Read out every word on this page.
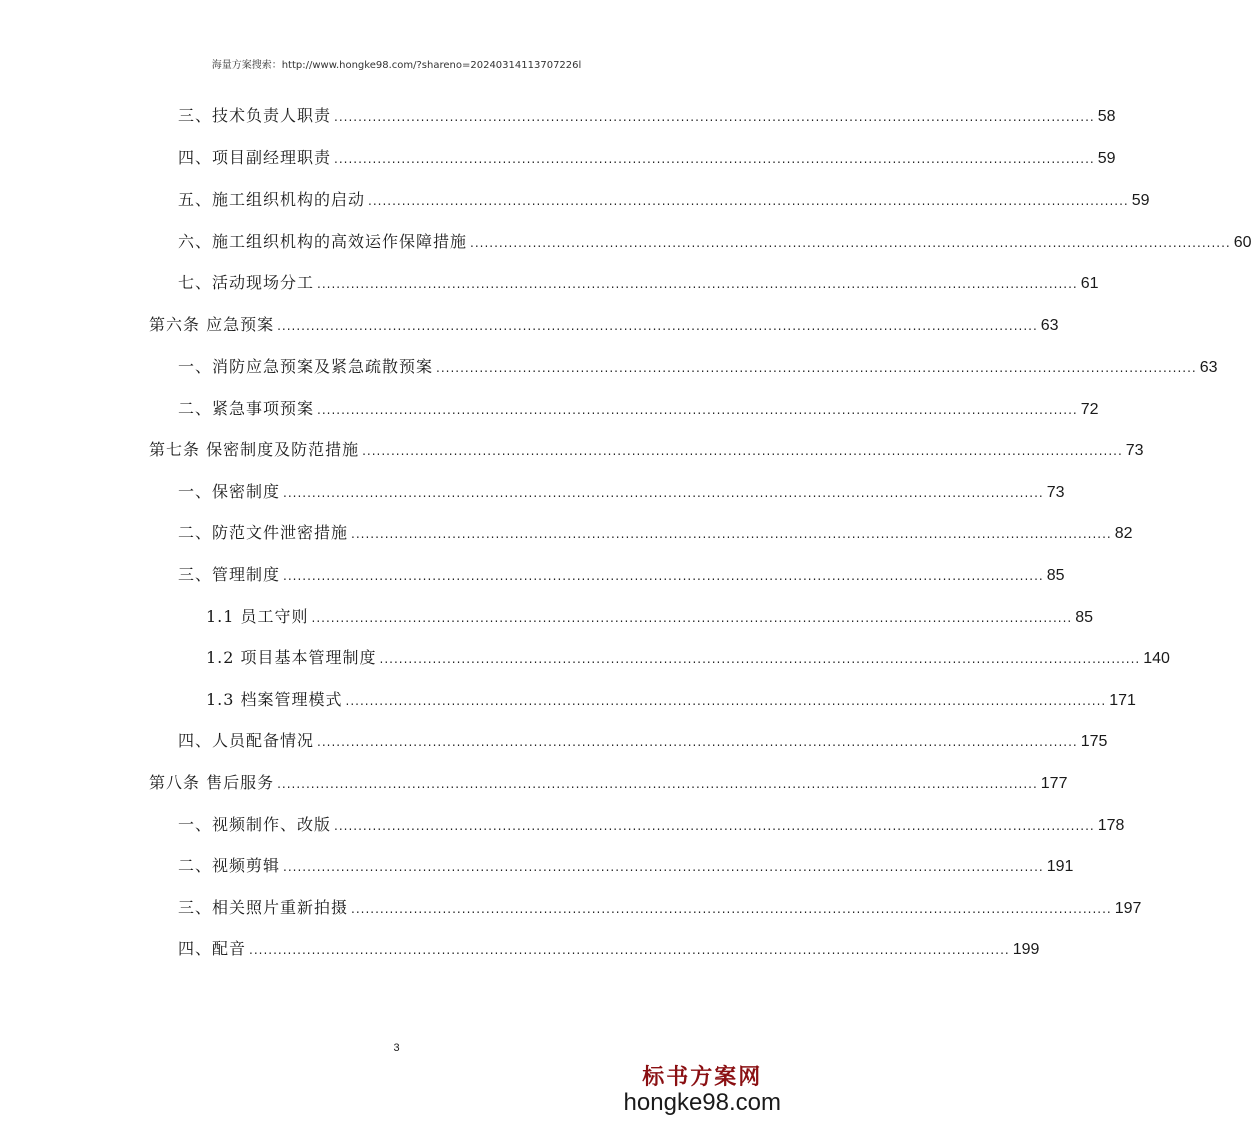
海量方案搜索：http://www.hongke98.com/?shareno=20240314113707226l
三、技术负责人职责 .............................................................................................................................................................. 58
四、项目副经理职责 .............................................................................................................................................................. 59
五、施工组织机构的启动 .............................................................................................................................................................. 59
六、施工组织机构的高效运作保障措施 .............................................................................................................................................................. 60
七、活动现场分工 .............................................................................................................................................................. 61
第六条 应急预案 .............................................................................................................................................................. 63
一、消防应急预案及紧急疏散预案 .............................................................................................................................................................. 63
二、紧急事项预案 .............................................................................................................................................................. 72
第七条 保密制度及防范措施 .............................................................................................................................................................. 73
一、保密制度 .............................................................................................................................................................. 73
二、防范文件泄密措施 .............................................................................................................................................................. 82
三、管理制度 .............................................................................................................................................................. 85
1.1 员工守则 .............................................................................................................................................................. 85
1.2 项目基本管理制度 .............................................................................................................................................................. 140
1.3 档案管理模式 .............................................................................................................................................................. 171
四、人员配备情况 .............................................................................................................................................................. 175
第八条 售后服务 .............................................................................................................................................................. 177
一、视频制作、改版 .............................................................................................................................................................. 178
二、视频剪辑 .............................................................................................................................................................. 191
三、相关照片重新拍摄 .............................................................................................................................................................. 197
四、配音 .............................................................................................................................................................. 199
3
标书方案网
hongke98.com
